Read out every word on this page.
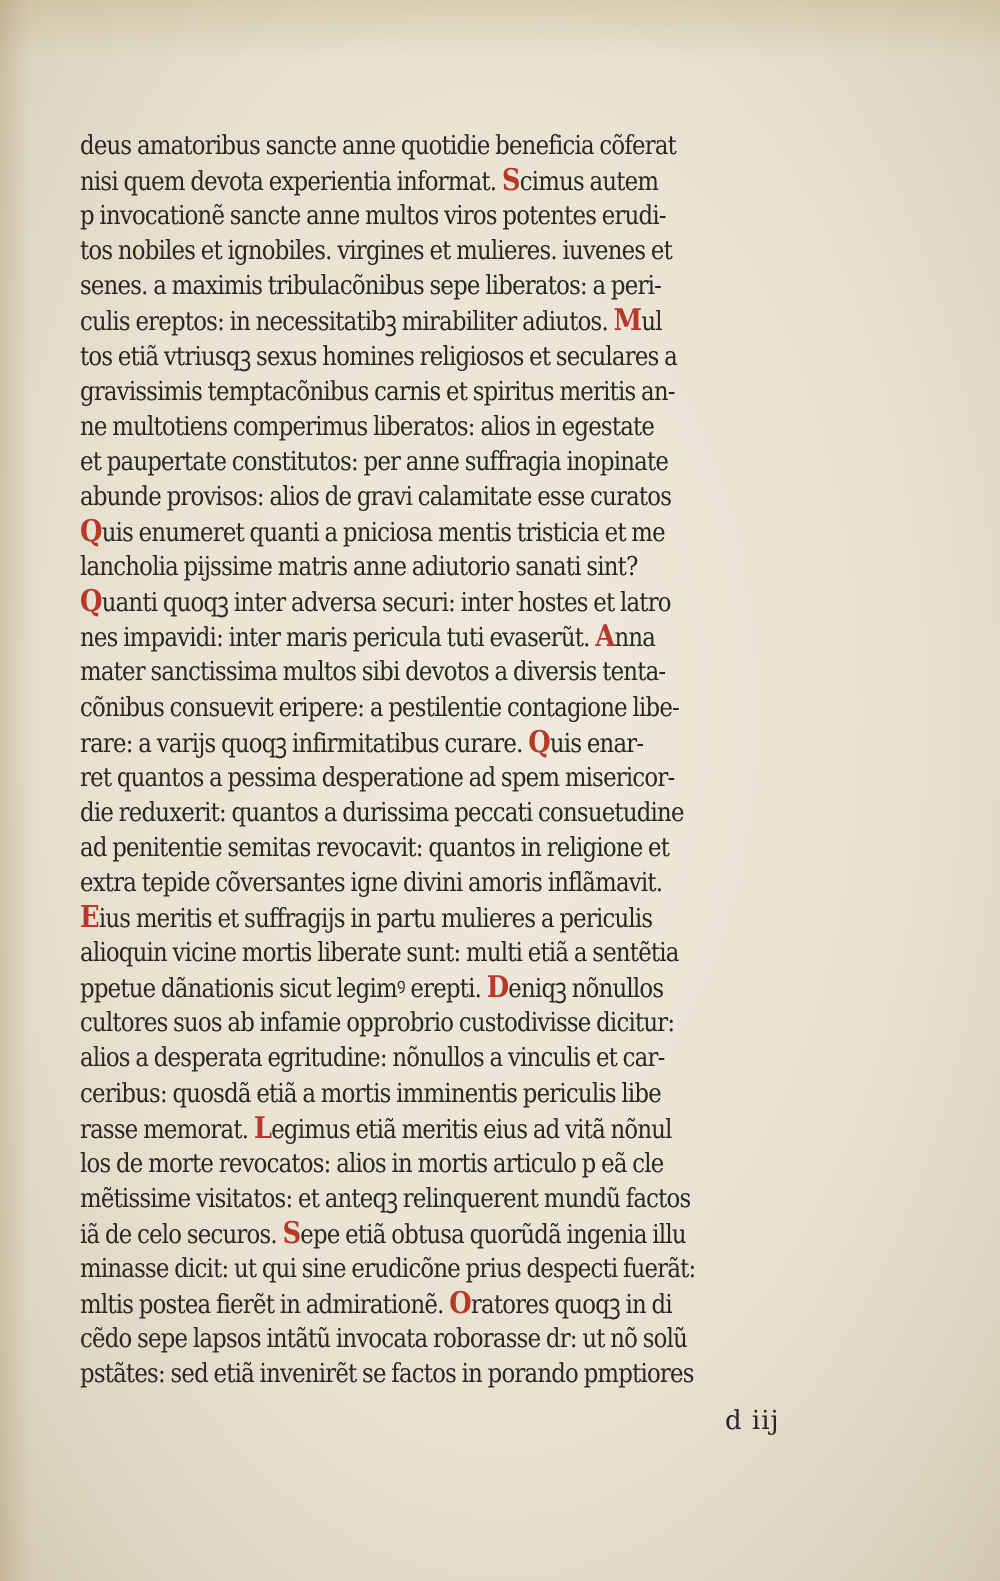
deus amatoribus sancte anne quotidie beneficia cõferat
nisi quem devota experientia informat. Scimus autem
p invocationẽ sancte anne multos viros potentes erudi‑
tos nobiles et ignobiles. virgines et mulieres. iuvenes et
senes. a maximis tribulacõnibus sepe liberatos: a peri‑
culis ereptos: in necessitatibꝫ mirabiliter adiutos. Mul
tos etiã vtriusqꝫ sexus homines religiosos et seculares a
gravissimis temptacõnibus carnis et spiritus meritis an‑
ne multotiens comperimus liberatos: alios in egestate
et paupertate constitutos: per anne suffragia inopinate
abunde provisos: alios de gravi calamitate esse curatos
Quis enumeret quanti a pniciosa mentis tristicia et me
lancholia pijssime matris anne adiutorio sanati sint?
Quanti quoqꝫ inter adversa securi: inter hostes et latro
nes impavidi: inter maris pericula tuti evaserũt. Anna
mater sanctissima multos sibi devotos a diversis tenta‑
cõnibus consuevit eripere: a pestilentie contagione libe‑
rare: a varijs quoqꝫ infirmitatibus curare. Quis enar‑
ret quantos a pessima desperatione ad spem misericor‑
die reduxerit: quantos a durissima peccati consuetudine
ad penitentie semitas revocavit: quantos in religione et
extra tepide cõversantes igne divini amoris inflãmavit.
Eius meritis et suffragijs in partu mulieres a periculis
alioquin vicine mortis liberate sunt: multi etiã a sentẽtia
ppetue dãnationis sicut legimꝰ erepti. Deniqꝫ nõnullos
cultores suos ab infamie opprobrio custodivisse dicitur:
alios a desperata egritudine: nõnullos a vinculis et car‑
ceribus: quosdã etiã a mortis imminentis periculis libe
rasse memorat. Legimus etiã meritis eius ad vitã nõnul
los de morte revocatos: alios in mortis articulo p eã cle
mẽtissime visitatos: et anteqꝫ relinquerent mundũ factos
iã de celo securos. Sepe etiã obtusa quorũdã ingenia illu
minasse dicit: ut qui sine erudicõne prius despecti fuerãt:
mltis postea fierẽt in admirationẽ. Oratores quoqꝫ in di
cẽdo sepe lapsos intãtũ invocata roborasse dr: ut nõ solũ
pstãtes: sed etiã invenirẽt se factos in porando pmptiores
d iij
